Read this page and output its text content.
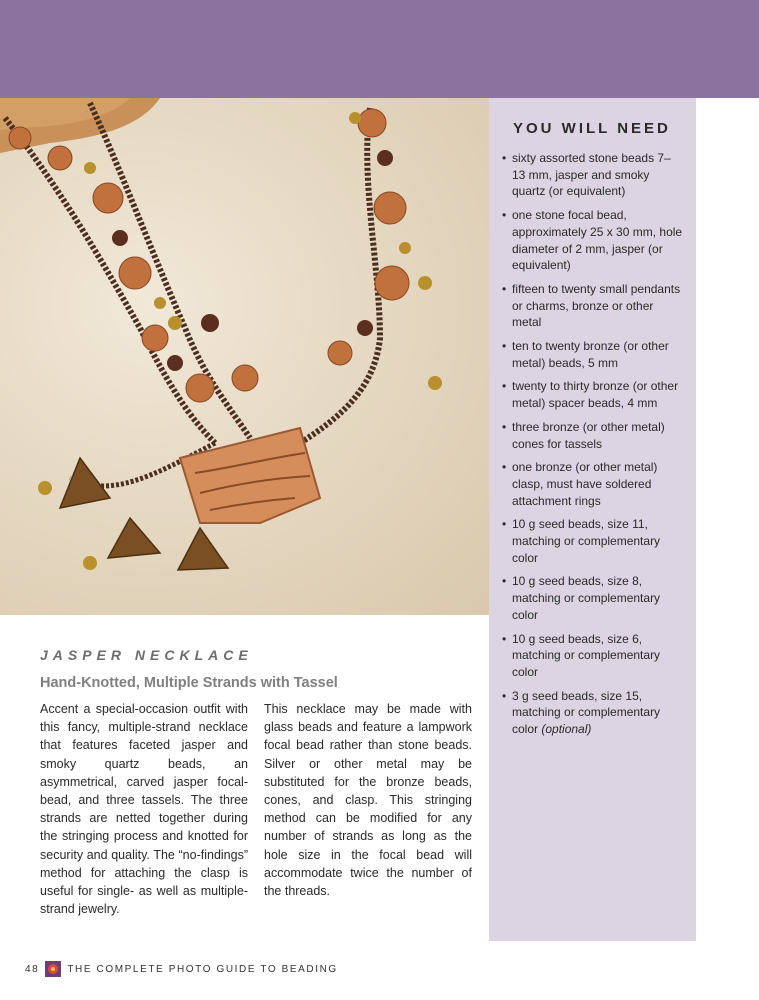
YOU WILL NEED
• sixty assorted stone beads 7–13 mm, jasper and smoky quartz (or equivalent)
• one stone focal bead, approximately 25 x 30 mm, hole diameter of 2 mm, jasper (or equivalent)
• fifteen to twenty small pendants or charms, bronze or other metal
• ten to twenty bronze (or other metal) beads, 5 mm
• twenty to thirty bronze (or other metal) spacer beads, 4 mm
• three bronze (or other metal) cones for tassels
• one bronze (or other metal) clasp, must have soldered attachment rings
• 10 g seed beads, size 11, matching or complementary color
• 10 g seed beads, size 8, matching or complementary color
• 10 g seed beads, size 6, matching or complementary color
• 3 g seed beads, size 15, matching or complementary color (optional)
JASPER NECKLACE
Hand-Knotted, Multiple Strands with Tassel
Accent a special-occasion outfit with this fancy, multiple-strand necklace that features faceted jasper and smoky quartz beads, an asymmetrical, carved jasper focal-bead, and three tassels. The three strands are netted together during the stringing process and knotted for security and quality. The “no-findings” method for attaching the clasp is useful for single- as well as multiple-strand jewelry.
This necklace may be made with glass beads and feature a lampwork focal bead rather than stone beads. Silver or other metal may be substituted for the bronze beads, cones, and clasp. This stringing method can be modified for any number of strands as long as the hole size in the focal bead will accommodate twice the number of the threads.
48	THE COMPLETE PHOTO GUIDE TO BEADING
